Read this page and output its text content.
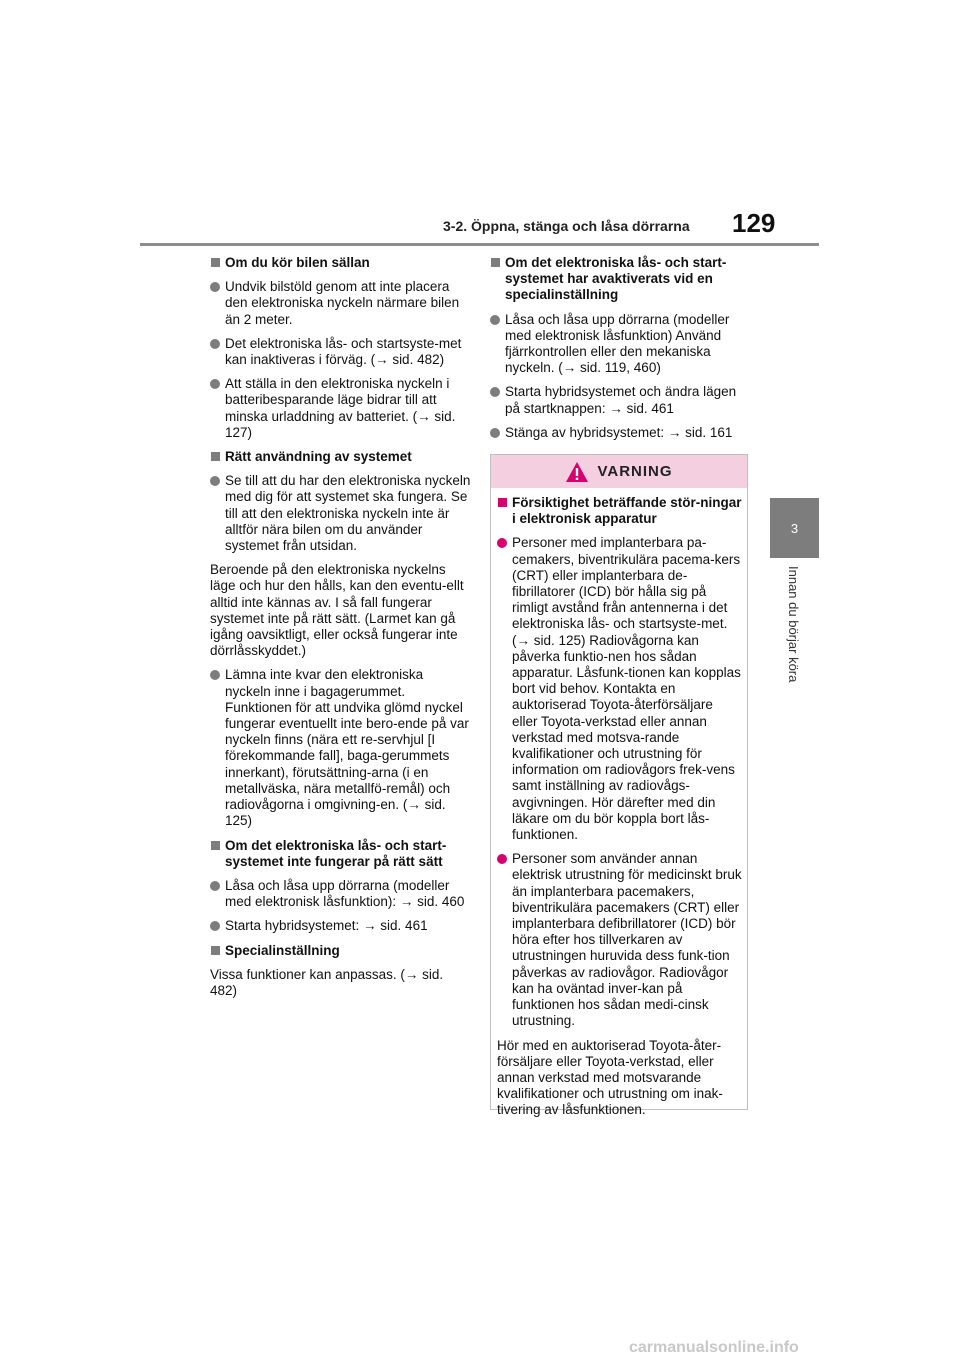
3-2. Öppna, stänga och låsa dörrarna 129
3
Innan du börjar köra
Om du kör bilen sällan
Undvik bilstöld genom att inte placera den elektroniska nyckeln närmare bilen än 2 meter.
Det elektroniska lås- och startsyste-met kan inaktiveras i förväg. (→ sid. 482)
Att ställa in den elektroniska nyckeln i batteribesparande läge bidrar till att minska urladdning av batteriet. (→ sid. 127)
Rätt användning av systemet
Se till att du har den elektroniska nyckeln med dig för att systemet ska fungera. Se till att den elektroniska nyckeln inte är alltför nära bilen om du använder systemet från utsidan.
Beroende på den elektroniska nyckelns läge och hur den hålls, kan den eventu-ellt alltid inte kännas av. I så fall fungerar systemet inte på rätt sätt. (Larmet kan gå igång oavsiktligt, eller också fungerar inte dörrlåsskyddet.)
Lämna inte kvar den elektroniska nyckeln inne i bagagerummet. Funktionen för att undvika glömd nyckel fungerar eventuellt inte bero-ende på var nyckeln finns (nära ett re-servhjul [I förekommande fall], baga-gerummets innerkant), förutsättning-arna (i en metallväska, nära metallfö-remål) och radiovågorna i omgivning-en. (→ sid. 125)
Om det elektroniska lås- och start-systemet inte fungerar på rätt sätt
Låsa och låsa upp dörrarna (modeller med elektronisk låsfunktion): → sid. 460
Starta hybridsystemet: → sid. 461
Specialinställning
Vissa funktioner kan anpassas. (→ sid. 482)
Om det elektroniska lås- och start-systemet har avaktiverats vid en specialinställning
Låsa och låsa upp dörrarna (modeller med elektronisk låsfunktion) Använd fjärrkontrollen eller den mekaniska nyckeln. (→ sid. 119, 460)
Starta hybridsystemet och ändra lägen på startknappen: → sid. 461
Stänga av hybridsystemet: → sid. 161
VARNING
Försiktighet beträffande stör-ningar i elektronisk apparatur
Personer med implanterbara pa-cemakers, biventrikulära pacema-kers (CRT) eller implanterbara de-fibrillatorer (ICD) bör hålla sig på rimligt avstånd från antennerna i det elektroniska lås- och startsyste-met. (→ sid. 125) Radiovågorna kan påverka funktio-nen hos sådan apparatur. Låsfunk-tionen kan kopplas bort vid behov. Kontakta en auktoriserad Toyota-återförsäljare eller Toyota-verkstad eller annan verkstad med motsva-rande kvalifikationer och utrustning för information om radiovågors frek-vens samt inställning av radiovågs-avgivningen. Hör därefter med din läkare om du bör koppla bort lås-funktionen.
Personer som använder annan elektrisk utrustning för medicinskt bruk än implanterbara pacemakers, biventrikulära pacemakers (CRT) eller implanterbara defibrillatorer (ICD) bör höra efter hos tillverkaren av utrustningen huruvida dess funk-tion påverkas av radiovågor. Radiovågor kan ha oväntad inver-kan på funktionen hos sådan medi-cinsk utrustning.
Hör med en auktoriserad Toyota-åter-försäljare eller Toyota-verkstad, eller annan verkstad med motsvarande kvalifikationer och utrustning om inak-tivering av låsfunktionen.
carmanualsonline.info
